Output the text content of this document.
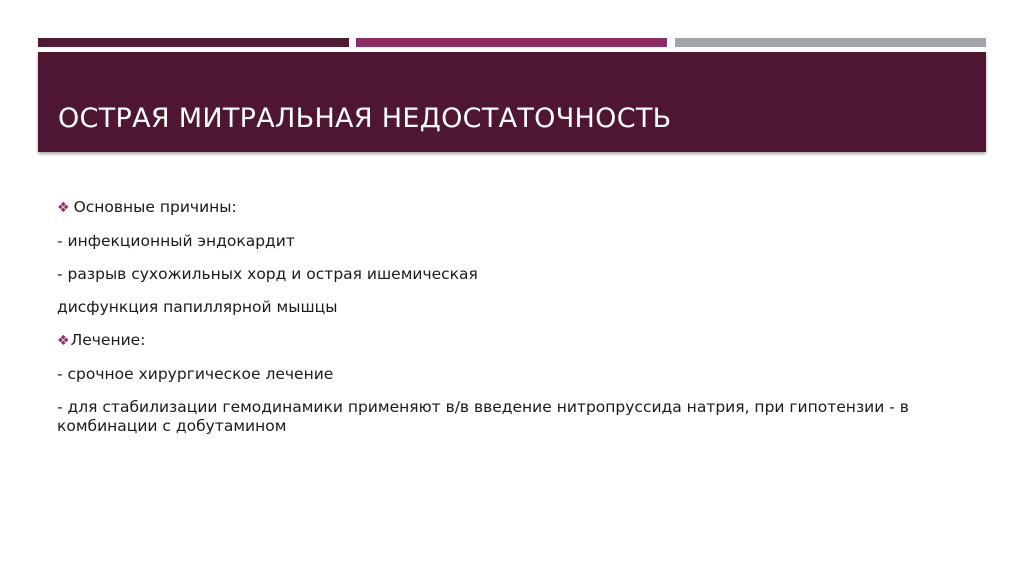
ОСТРАЯ МИТРАЛЬНАЯ НЕДОСТАТОЧНОСТЬ

❖ Основные причины:

- инфекционный эндокардит

- разрыв сухожильных хорд и острая ишемическая

дисфункция папиллярной мышцы

❖Лечение:

- срочное хирургическое лечение

- для стабилизации гемодинамики применяют в/в введение нитропруссида натрия, при гипотензии - в комбинации с добутамином
